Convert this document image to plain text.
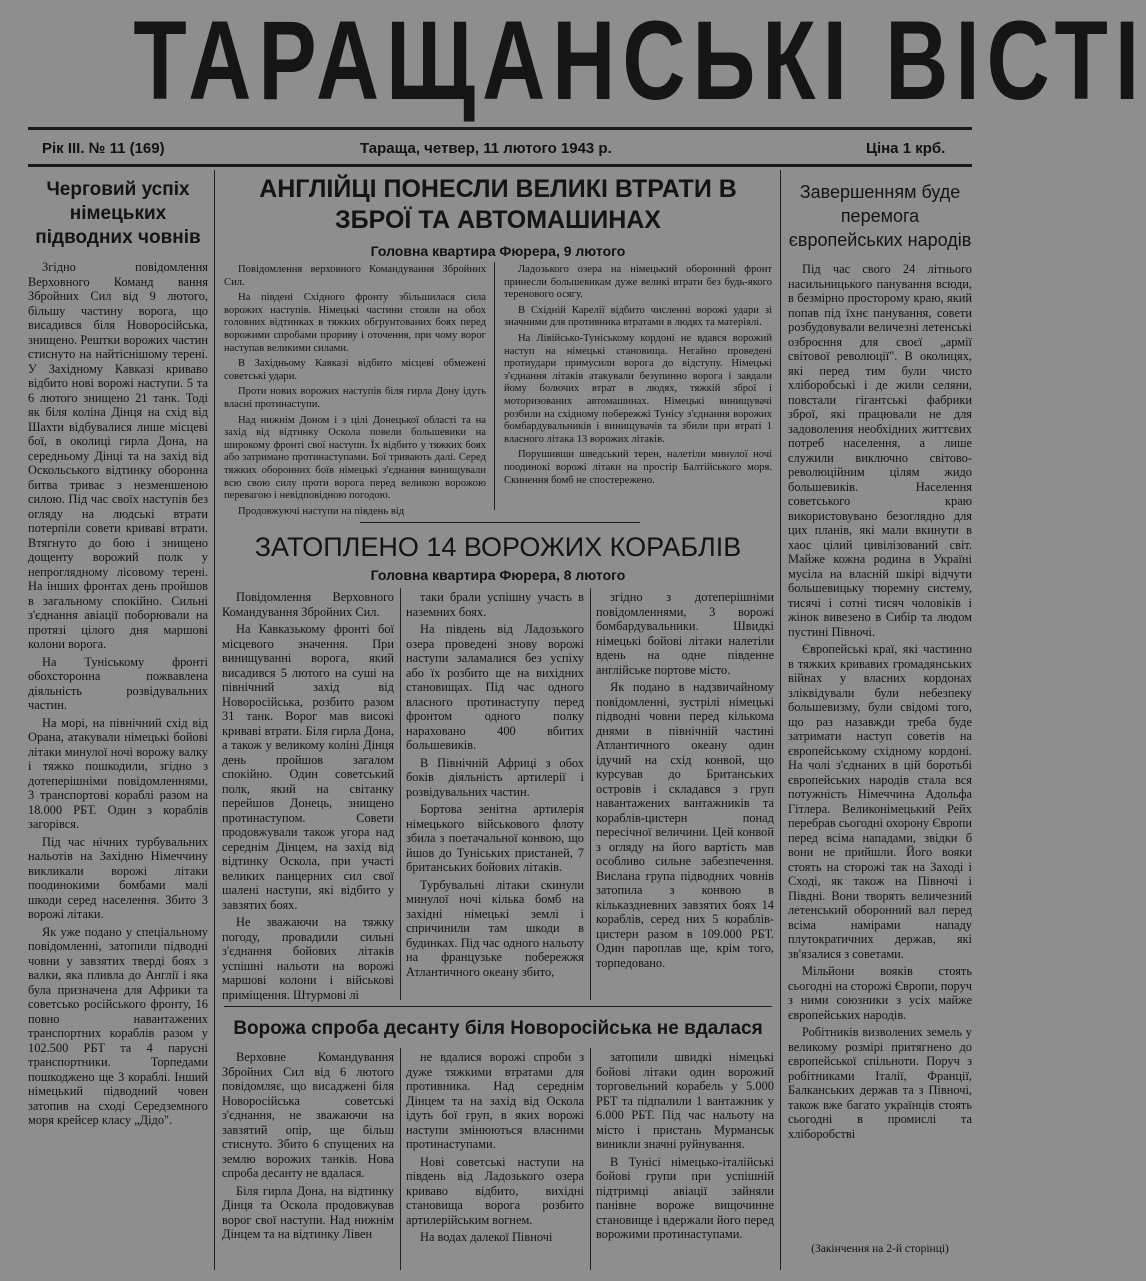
ТАРАЩАНСЬКІ ВІСТІ
Рік III. № 11 (169)	Тараща, четвер, 11 лютого 1943 р.	Ціна 1 крб.
Черговий успіх німецьких підводних човнів

Згідно повідомлення Верховного Команд вання Збройних Сил від 9 лютого, більшу частину ворога, що висадився біля Новоросійська, знищено. Рештки ворожих частин стиснуто на найтіснішому терені. У Західному Кавказі криваво відбито нові ворожі наступи. 5 та 6 лютого знищено 21 танк. Тоді як біля коліна Дінця на схід від Шахти відбувалися лише місцеві бої, в околиці гирла Дона, на середньому Дінці та на захід від Оскольського відтинку оборонна битва триває з незменшеною силою. Під час своїх наступів без огляду на людські втрати потерпіли совети криваві втрати. Втягнуто до бою і знищено дощенту ворожий полк у непроглядному лісовому терені. На інших фронтах день пройшов в загальному спокійно. Сильні з'єднання авіації поборювали на протязі цілого дня маршові колони ворога.

На Туніському фронті обохсторонна пожвавлена діяльність розвідувальних частин.

На морі, на північний схід від Орана, атакували німецькі бойові літаки минулої ночі ворожу валку і тяжко пошкодили, згідно з дотеперішніми повідомленнями, 3 транспортові кораблі разом на 18.000 РБТ. Один з кораблів загорівся.

Під час нічних турбувальних нальотів на Західню Німеччину викликали ворожі літаки поодинокими бомбами малі шкоди серед населення. Збито 3 ворожі літаки.

Як уже подано у спеціальному повідомленні, затопили підводні човни у завзятих тверді боях з валки, яка пливла до Англії і яка була призначена для Африки та советсько російського фронту, 16 повно навантажених транспортних кораблів разом у 102.500 РБТ та 4 паруснi транспортники. Торпедами пошкоджено ще 3 кораблі. Інший німецький підводний човен затопив на сході Середземного моря крейсер класу „Дідо".

АНГЛІЙЦІ ПОНЕСЛИ ВЕЛИКІ ВТРАТИ В ЗБРОЇ ТА АВТОМАШИНАХ
Головна квартира Фюрера, 9 лютого

Повідомлення верховного Командування Збройних Сил.

На південі Східного фронту збільшилася сила ворожих наступів. Німецькі частини стояли на обох головних відтинках в тяжких обгрунтованих боях перед ворожими спробами прориву і оточення, при чому ворог наступав великими силами.

В Західньому Кавказі відбито місцеві обмежені советські удари.

Проти нових ворожих наступів біля гирла Дону ідуть власні протинаступи.

Над нижнім Доном і з цілі Донецької області та на захід від відтинку Оскола повели большевики на широкому фронті свої наступи. Їх відбито у тяжких боях або затримано протинаступами. Бої тривають далі. Серед тяжких оборонних боїв німецькі з'єднання винищували всю свою силу проти ворога перед великою ворожою перевагою і невідповідною погодою.

Продовжуючі наступи на південь від

Ладозького озера на німецький оборонний фронт принесли большевикам дуже великі втрати без будь-якого теренового осягу.

В Східній Карелії відбито численні ворожі удари зі значними для противника втратами в людях та матеріялі.

На Лівійсько-Туніському кордоні не вдався ворожий наступ на німецькі становища. Негайно проведені протиудари примусили ворога до відступу. Німецькі з'єднання літаків атакували безупинно ворога і завдали йому болючих втрат в людях, тяжкій зброї і моторизованих автомашинах. Німецькі винищувачі розбили на східному побережжі Тунісу з'єднання ворожих бомбардувальників і винищувачів та збили при втраті 1 власного літака 13 ворожих літаків.

Порушивши шведський терен, налетіли минулої ночі поодинокі ворожі літаки на простір Балтійського моря. Скинення бомб не спостережено.

ЗАТОПЛЕНО 14 ВОРОЖИХ КОРАБЛІВ
Головна квартира Фюрера, 8 лютого

Повідомлення Верховного Командування Збройних Сил.

На Кавказькому фронті бої місцевого значення. При винищуванні ворога, який висадився 5 лютого на суші на північний захід від Новоросійська, розбито разом 31 танк. Ворог мав високі криваві втрати. Біля гирла Дона, а також у великому коліні Дінця день пройшов загалом спокійно. Один советський полк, який на світанку перейшов Донець, знищено протинаступом. Совети продовжували також угора над середнім Дінцем, на захід від відтинку Оскола, при участі великих панцерних сил свої шалені наступи, які відбито у завзятих боях.

Не зважаючи на тяжку погоду, провадили сильні з'єднання бойових літаків успішні нальоти на ворожі маршові колони і військові приміщення. Штурмові лі

таки брали успішну участь в наземних боях.

На південь від Ладозького озера проведені знову ворожі наступи заламалися без успіху або їх розбито ще на вихідних становищах. Під час одного власного протинаступу перед фронтом одного полку нараховано 400 вбитих большевиків.

В Північній Африці з обох боків діяльність артилерії і розвідувальних частин.

Бортова зенітна артилерія німецького військового флоту збила з поетачальної конвою, що йшов до Туніських пристаней, 7 британських бойових літаків.

Турбувальні літаки скинули минулої ночі кілька бомб на західні німецькі землі і спричинили там шкоди в будинках. Під час одного нальоту на французьке побережжя Атлантичного океану збито,

згідно з дотеперішніми повідомленнями, 3 ворожі бомбардувальники. Швидкі німецькі бойові літаки налетіли вдень на одне південне англійське портове місто.

Як подано в надзвичайному повідомленні, зустрілі німецькі підводні човни перед кількома днями в північній частині Атлантичного океану один ідучий на схід конвой, що курсував до Британських островів і складався з груп навантажених вантажників та кораблів-цистерн понад пересічної величини. Цей конвой з огляду на його вартість мав особливо сильне забезпечення. Вислана група підводних човнів затопила з конвою в кільказдневних завзятих боях 14 кораблів, серед них 5 кораблів-цистерн разом в 109.000 РБТ. Один пароплав ще, крім того, торпедовано.

Ворожа спроба десанту біля Новоросійська не вдалася

Верховне Командування Збройних Сил від 6 лютого повідомляє, що висаджені біля Новоросійська советські з'єднання, не зважаючи на завзятий опір, ще більш стиснуто. Збито 6 спущених на землю ворожих танків. Нова спроба десанту не вдалася.

Біля гирла Дона, на відтинку Дінця та Оскола продовжував ворог свої наступи. Над нижнім Дінцем та на відтинку Лівен

не вдалися ворожі спроби з дуже тяжкими втратами для противника. Над середнім Дінцем та на захід від Оскола ідуть бої груп, в яких ворожі наступи змінюються власними протинаступами.

Нові советські наступи на південь від Ладозького озера криваво відбито, вихідні становища ворога розбито артилерійським вогнем.

На водах далекої Півночі

затопили швидкі німецькі бойові літаки один ворожий торговельний корабель у 5.000 РБТ та підпалили 1 вантажник у 6.000 РБТ. Під час нальоту на місто і пристань Мурманськ виникли значні руйнування.

В Тунісі німецько-італійські бойові групи при успішній підтримці авіації зайняли панівне вороже вищочинне становище і вдержали його перед ворожими протинаступами.

Завершенням буде перемога європейських народів

Під час свого 24 літнього насильницького панування всюди, в безмірно просторому краю, який попав під їхнє панування, совети розбудовували величезні летенські озброєння для своєї „армії світової революції". В околицях, які перед тим були чисто хліборобські і де жили селяни, повстали гігантські фабрики зброї, які працювали не для задоволення необхідних життєвих потреб населення, а лише служили виключно світово-революційним цілям жидо большевиків. Населення советського краю використовувано безоглядно для цих планів, які мали вкинути в хаос цілий цивілізований світ. Майже кожна родина в Україні мусіла на власній шкірі відчути большевицьку тюремну систему, тисячі і сотні тисяч чоловіків і жінок вивезено в Сибір та людом пустині Півночі.

Європейські краї, які частинно в тяжких кривавих громадянських війнах у власних кордонах зліквідували були небезпеку большевизму, були свідомі того, що раз назавжди треба буде затримати наступ советів на європейському східному кордоні. На чолі з'єднаних в цій боротьбі європейських народів стала вся потужність Німеччина Адольфа Гітлера. Великонімецький Рейх перебрав сьогодні охорону Європи перед всіма нападами, звідки б вони не прийшли. Його вояки стоять на сторожі так на Заході і Сході, як також на Півночі і Півдні. Вони творять величезний летенський оборонний вал перед всіма намірами нападу плутократичних держав, які зв'язалися з советами.

Мільйони вояків стоять сьогодні на сторожі Європи, поруч з ними союзники з усіх майже європейських народів.

Робітників визволених земель у великому розмірі притягнено до європейської спільноти. Поруч з робітниками Італії, Франції, Балканських держав та з Півночі, також вже багато українців стоять сьогодні в промислі та хліборобстві

(Закінчення на 2-й сторінці)
